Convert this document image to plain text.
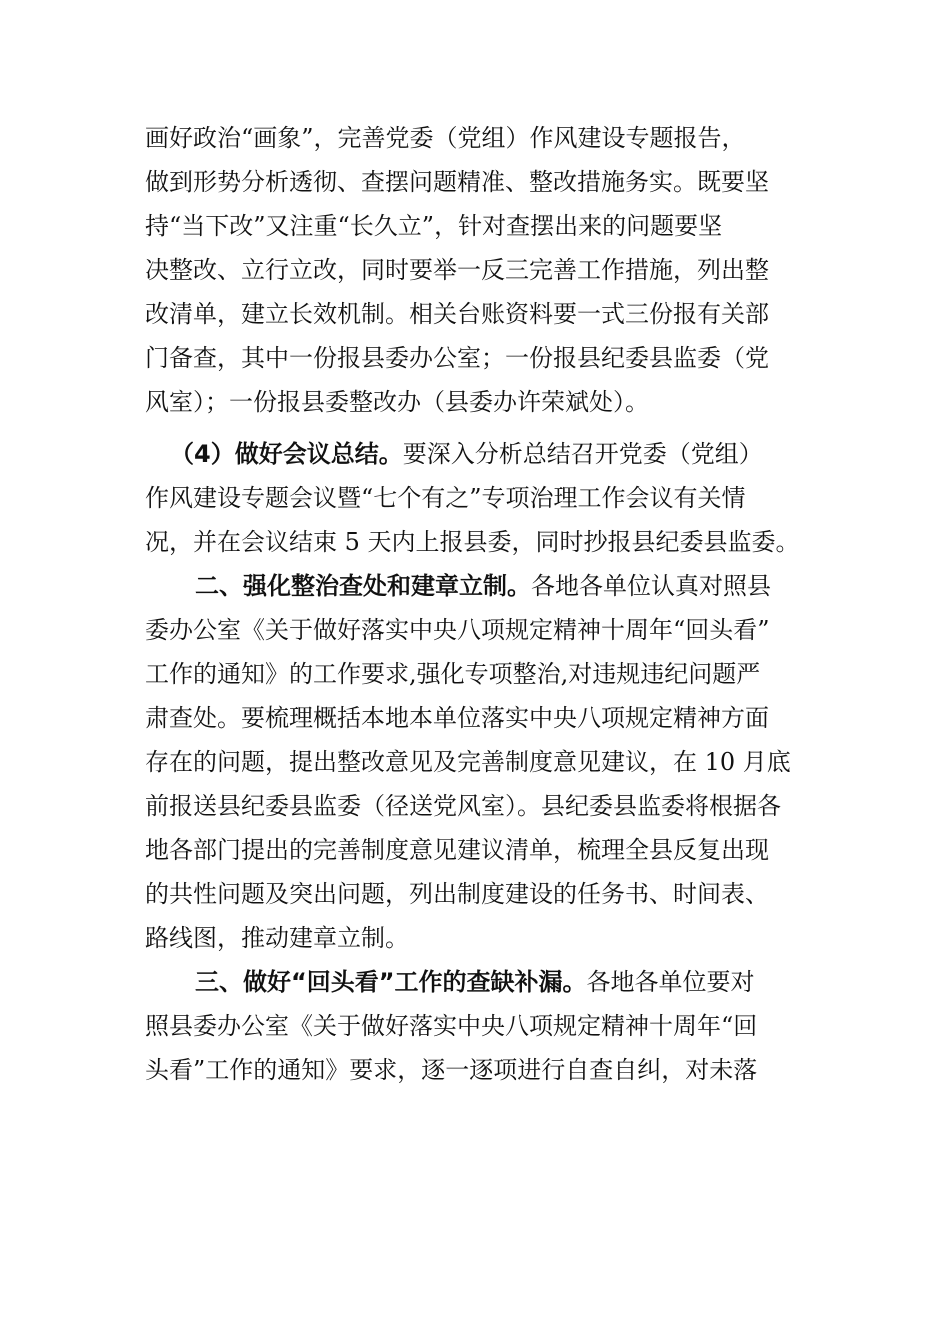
画好政治“画象”，完善党委（党组）作风建设专题报告，
做到形势分析透彻、查摆问题精准、整改措施务实。既要坚
持“当下改”又注重“长久立”，针对查摆出来的问题要坚
决整改、立行立改，同时要举一反三完善工作措施，列出整
改清单，建立长效机制。相关台账资料要一式三份报有关部
门备查，其中一份报县委办公室；一份报县纪委县监委（党
风室）；一份报县委整改办（县委办许荣斌处）。
（4）做好会议总结。要深入分析总结召开党委（党组）
作风建设专题会议暨“七个有之”专项治理工作会议有关情
况，并在会议结束 5 天内上报县委，同时抄报县纪委县监委。
二、强化整治查处和建章立制。各地各单位认真对照县
委办公室《关于做好落实中央八项规定精神十周年“回头看”
工作的通知》的工作要求,强化专项整治,对违规违纪问题严
肃查处。要梳理概括本地本单位落实中央八项规定精神方面
存在的问题，提出整改意见及完善制度意见建议，在 10 月底
前报送县纪委县监委（径送党风室）。县纪委县监委将根据各
地各部门提出的完善制度意见建议清单，梳理全县反复出现
的共性问题及突出问题，列出制度建设的任务书、时间表、
路线图，推动建章立制。
三、做好“回头看”工作的查缺补漏。各地各单位要对
照县委办公室《关于做好落实中央八项规定精神十周年“回
头看”工作的通知》要求，逐一逐项进行自查自纠，对未落
